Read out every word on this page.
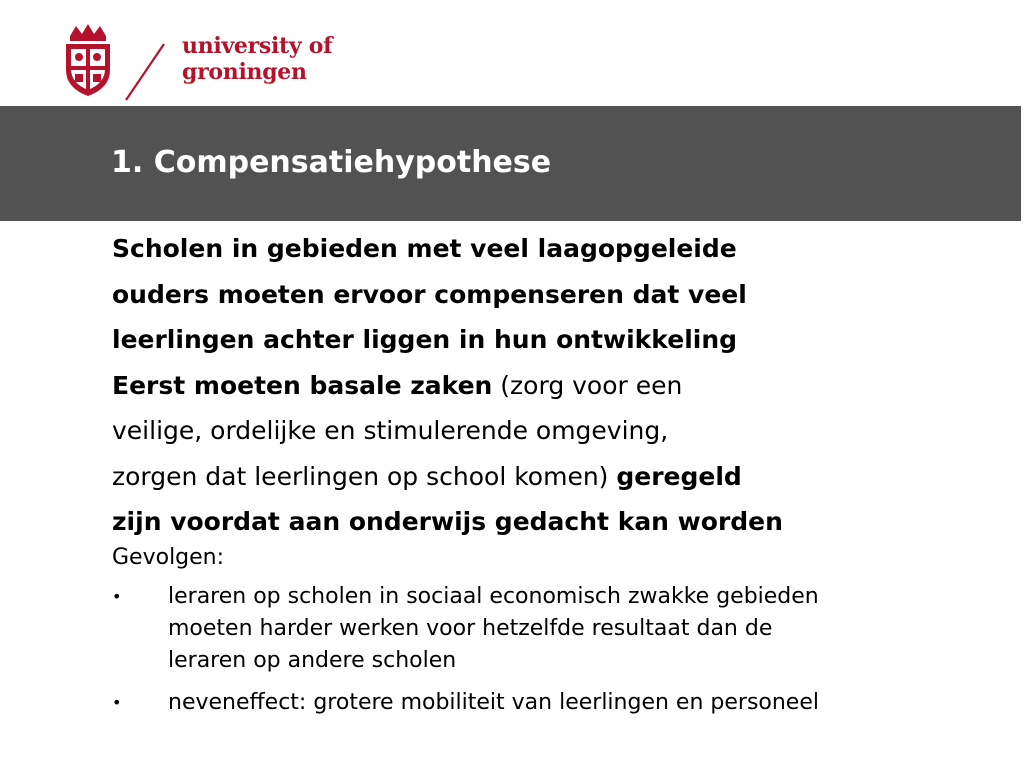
university of
groningen
1. Compensatiehypothese

Scholen in gebieden met veel laagopgeleide
ouders moeten ervoor compenseren dat veel
leerlingen achter liggen in hun ontwikkeling
Eerst moeten basale zaken (zorg voor een
veilige, ordelijke en stimulerende omgeving,
zorgen dat leerlingen op school komen) geregeld
zijn voordat aan onderwijs gedacht kan worden

Gevolgen:
• leraren op scholen in sociaal economisch zwakke gebieden
moeten harder werken voor hetzelfde resultaat dan de
leraren op andere scholen
• neveneffect: grotere mobiliteit van leerlingen en personeel
